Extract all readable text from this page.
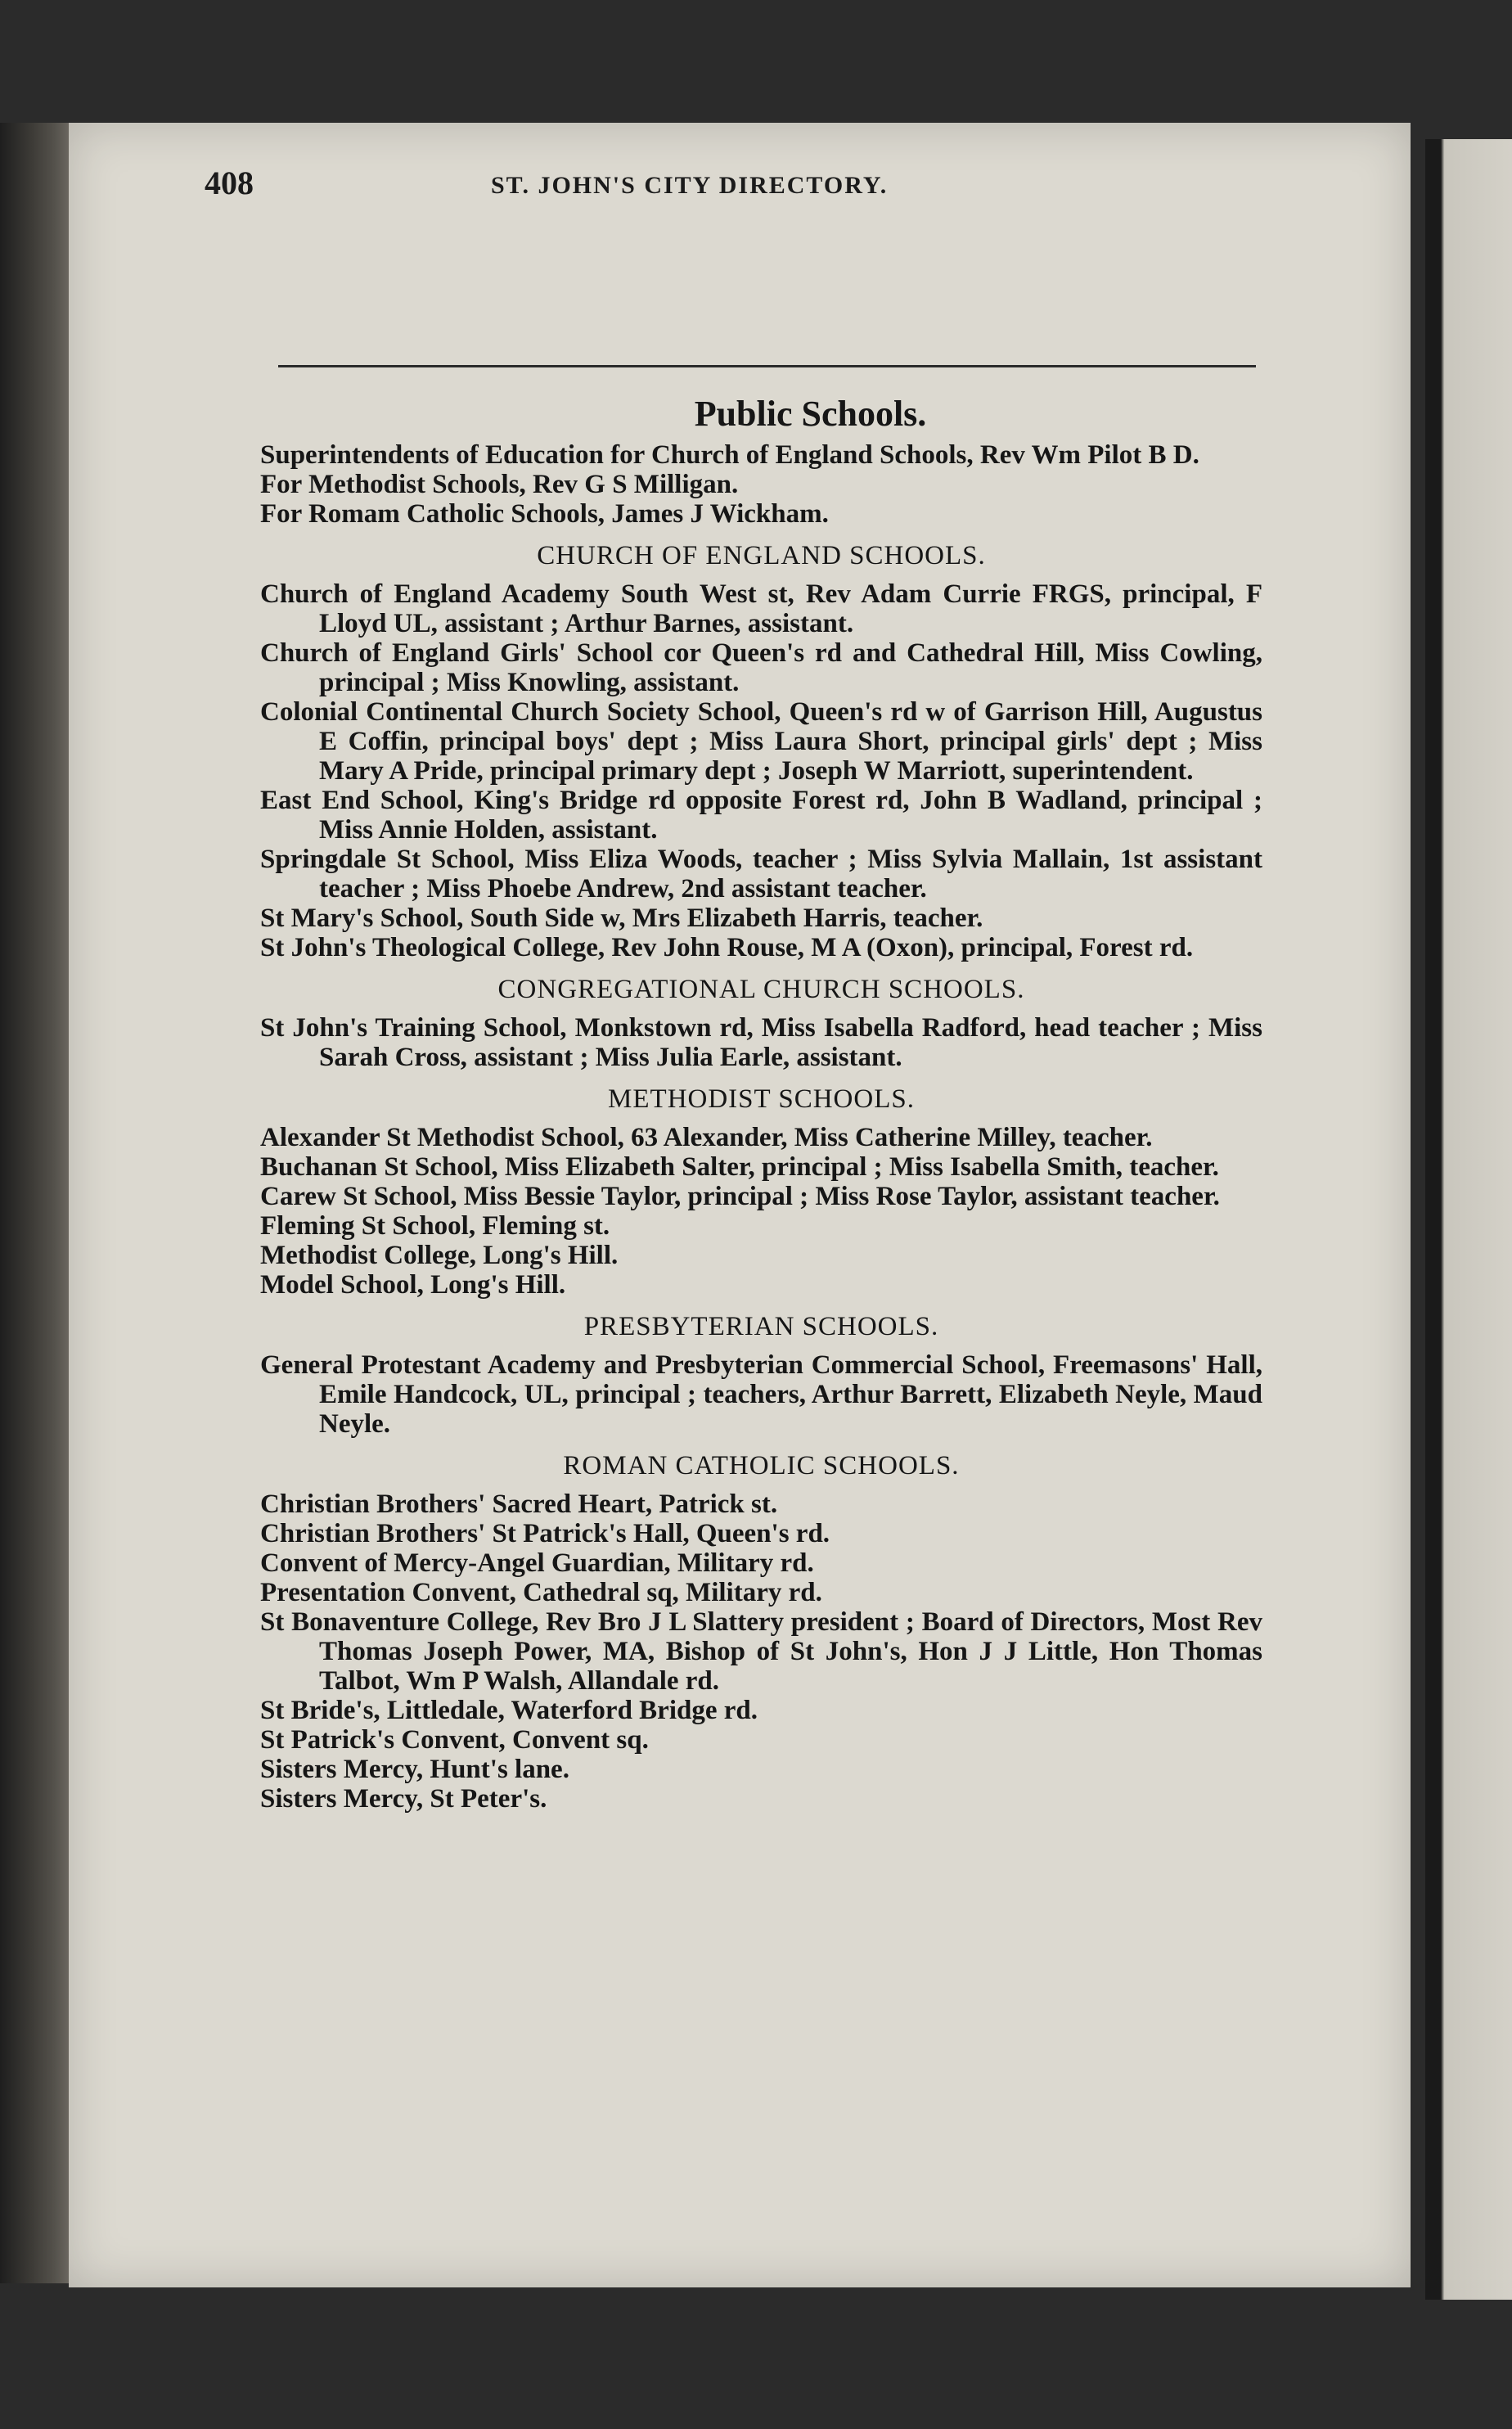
408	ST. JOHN'S CITY DIRECTORY.
Public Schools.

Superintendents of Education for Church of England Schools, Rev Wm Pilot B D.

For Methodist Schools, Rev G S Milligan.

For Romam Catholic Schools, James J Wickham.

CHURCH OF ENGLAND SCHOOLS.

Church of England Academy South West st, Rev Adam Currie FRGS, principal, F Lloyd UL, assistant ; Arthur Barnes, assistant.

Church of England Girls' School cor Queen's rd and Cathedral Hill, Miss Cowling, principal ; Miss Knowling, assistant.

Colonial Continental Church Society School, Queen's rd w of Garrison Hill, Augustus E Coffin, principal boys' dept ; Miss Laura Short, principal girls' dept ; Miss Mary A Pride, principal primary dept ; Joseph W Marriott, superintendent.

East End School, King's Bridge rd opposite Forest rd, John B Wadland, principal ; Miss Annie Holden, assistant.

Springdale St School, Miss Eliza Woods, teacher ; Miss Sylvia Mallain, 1st assistant teacher ; Miss Phoebe Andrew, 2nd assistant teacher.

St Mary's School, South Side w, Mrs Elizabeth Harris, teacher.

St John's Theological College, Rev John Rouse, M A (Oxon), principal, Forest rd.

CONGREGATIONAL CHURCH SCHOOLS.

St John's Training School, Monkstown rd, Miss Isabella Radford, head teacher ; Miss Sarah Cross, assistant ; Miss Julia Earle, assistant.

METHODIST SCHOOLS.

Alexander St Methodist School, 63 Alexander, Miss Catherine Milley, teacher.

Buchanan St School, Miss Elizabeth Salter, principal ; Miss Isabella Smith, teacher.

Carew St School, Miss Bessie Taylor, principal ; Miss Rose Taylor, assistant teacher.

Fleming St School, Fleming st.

Methodist College, Long's Hill.

Model School, Long's Hill.

PRESBYTERIAN SCHOOLS.

General Protestant Academy and Presbyterian Commercial School, Freemasons' Hall, Emile Handcock, UL, principal ; teachers, Arthur Barrett, Elizabeth Neyle, Maud Neyle.

ROMAN CATHOLIC SCHOOLS.

Christian Brothers' Sacred Heart, Patrick st.

Christian Brothers' St Patrick's Hall, Queen's rd.

Convent of Mercy-Angel Guardian, Military rd.

Presentation Convent, Cathedral sq, Military rd.

St Bonaventure College, Rev Bro J L Slattery president ; Board of Directors, Most Rev Thomas Joseph Power, MA, Bishop of St John's, Hon J J Little, Hon Thomas Talbot, Wm P Walsh, Allandale rd.

St Bride's, Littledale, Waterford Bridge rd.

St Patrick's Convent, Convent sq.

Sisters Mercy, Hunt's lane.

Sisters Mercy, St Peter's.
